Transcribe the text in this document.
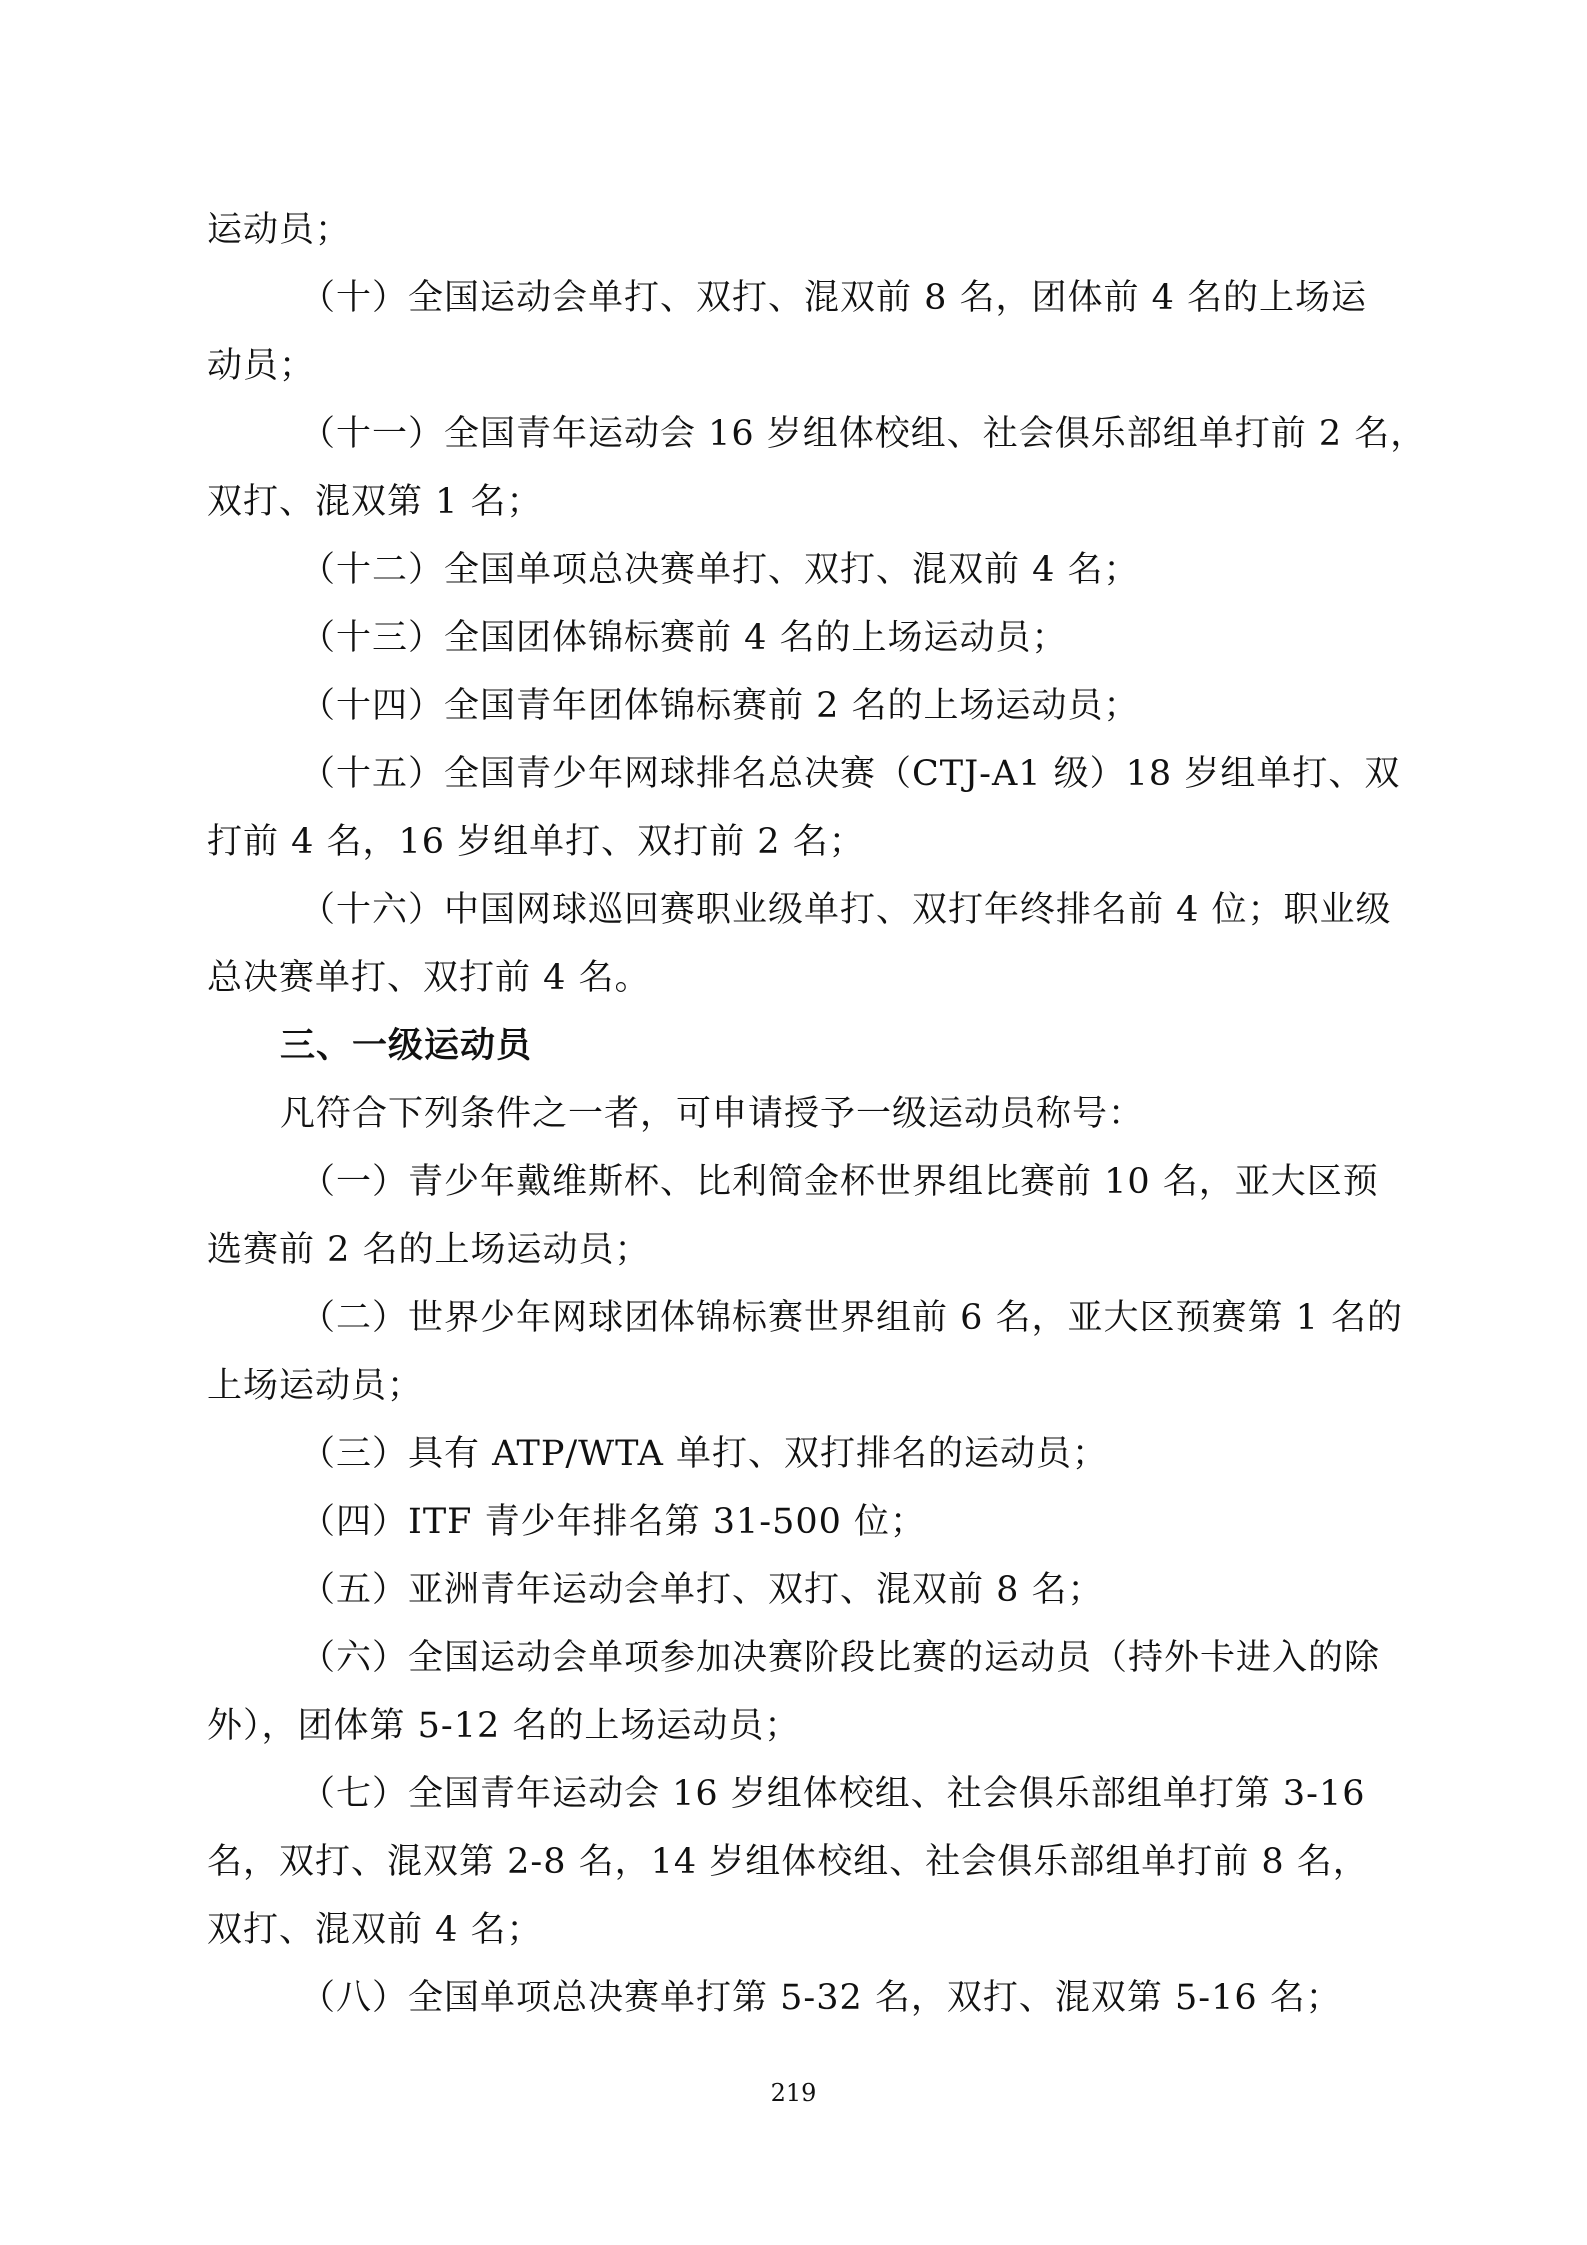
运动员；
（十）全国运动会单打、双打、混双前 8 名，团体前 4 名的上场运
动员；
（十一）全国青年运动会 16 岁组体校组、社会俱乐部组单打前 2 名，
双打、混双第 1 名；
（十二）全国单项总决赛单打、双打、混双前 4 名；
（十三）全国团体锦标赛前 4 名的上场运动员；
（十四）全国青年团体锦标赛前 2 名的上场运动员；
（十五）全国青少年网球排名总决赛（CTJ-A1 级）18 岁组单打、双
打前 4 名，16 岁组单打、双打前 2 名；
（十六）中国网球巡回赛职业级单打、双打年终排名前 4 位；职业级
总决赛单打、双打前 4 名。
三、一级运动员
凡符合下列条件之一者，可申请授予一级运动员称号：
（一）青少年戴维斯杯、比利简金杯世界组比赛前 10 名，亚大区预
选赛前 2 名的上场运动员；
（二）世界少年网球团体锦标赛世界组前 6 名，亚大区预赛第 1 名的
上场运动员；
（三）具有 ATP/WTA 单打、双打排名的运动员；
（四）ITF 青少年排名第 31-500 位；
（五）亚洲青年运动会单打、双打、混双前 8 名；
（六）全国运动会单项参加决赛阶段比赛的运动员（持外卡进入的除
外），团体第 5-12 名的上场运动员；
（七）全国青年运动会 16 岁组体校组、社会俱乐部组单打第 3-16
名，双打、混双第 2-8 名，14 岁组体校组、社会俱乐部组单打前 8 名，
双打、混双前 4 名；
（八）全国单项总决赛单打第 5-32 名，双打、混双第 5-16 名；
219
